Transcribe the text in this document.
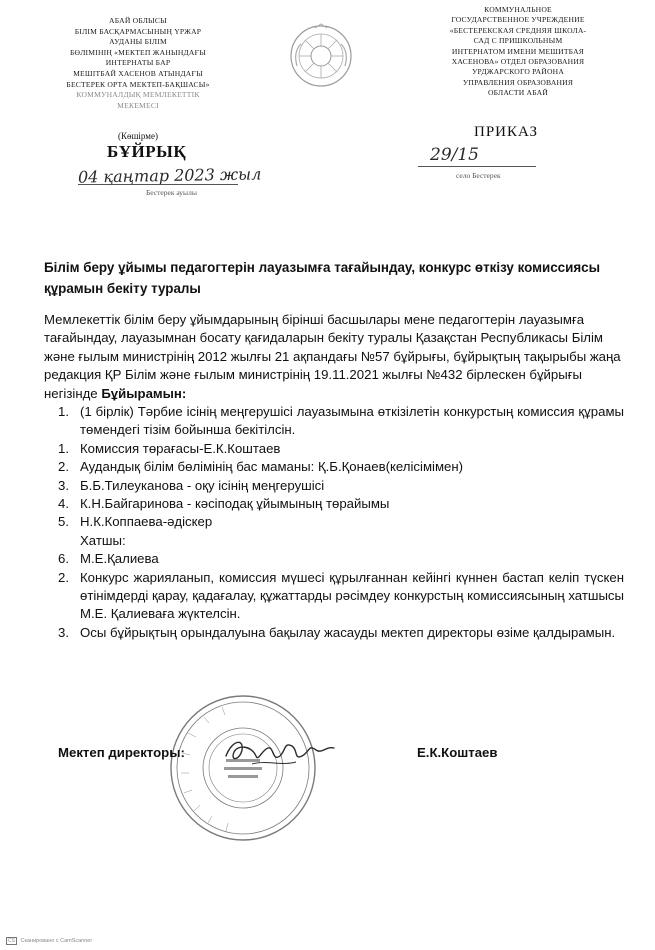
АБАЙ ОБЛЫСЫ
БІЛІМ БАСҚАРМАСЫНЫҢ ҮРЖАР
АУДАНЫ БІЛІМ
БӨЛІМІНІҢ «МЕКТЕП ЖАНЫНДАҒЫ
ИНТЕРНАТЫ БАР
МЕШІТБАЙ ХАСЕНОВ АТЫНДАҒЫ
БЕСТЕРЕК ОРТА МЕКТЕП-БАҚШАСЫ»
КОММУНАЛДЫҚ МЕМЛЕКЕТТІК
МЕКЕМЕСІ
КОММУНАЛЬНОЕ
ГОСУДАРСТВЕННОЕ УЧРЕЖДЕНИЕ
«БЕСТЕРЕКСКАЯ СРЕДНЯЯ ШКОЛА-
САД С ПРИШКОЛЬНЫМ
ИНТЕРНАТОМ ИМЕНИ МЕШИТБАЯ
ХАСЕНОВА» ОТДЕЛ ОБРАЗОВАНИЯ
УРДЖАРСКОГО РАЙОНА
УПРАВЛЕНИЯ ОБРАЗОВАНИЯ
ОБЛАСТИ АБАЙ
(Көшірме)
БҰЙРЫҚ
04 қаңтар 2023 жыл
Бестерек ауылы
ПРИКАЗ
29/15
село Бестерек

Білім беру ұйымы педагогтерін лауазымға тағайындау, конкурс өткізу комиссиясы құрамын бекіту туралы

Мемлекеттік білім беру ұйымдарының бірінші басшылары мене педагогтерін лауазымға тағайындау, лауазымнан босату қағидаларын бекіту туралы Қазақстан Республикасы Білім және ғылым министрінің 2012 жылғы 21 ақпандағы №57 бұйрығы, бұйрықтың тақырыбы жаңа редакция ҚР Білім және ғылым министрінің 19.11.2021 жылғы №432 бірлескен бұйрығы негізінде Бұйырамын:

1. (1 бірлік) Тәрбие ісінің меңгерушісі лауазымына өткізілетін конкурстың комиссия құрамы төмендегі тізім бойынша бекітілсін.
1. Комиссия төрағасы-Е.К.Коштаев
2. Аудандық білім бөлімінің бас маманы: Қ.Б.Қонаев(келісімімен)
3. Б.Б.Тилеуканова - оқу ісінің меңгерушісі
4. К.Н.Байгаринова - кәсіподақ ұйымының төрайымы
5. Н.К.Коппаева-әдіскер
Хатшы:
6. М.Е.Қалиева
2. Конкурс жарияланып, комиссия мүшесі құрылғаннан кейінгі күннен бастап келіп түскен өтінімдерді қарау, қадағалау, құжаттарды рәсімдеу конкурстың комиссиясының хатшысы М.Е. Қалиеваға жүктелсін.
3. Осы бұйрықтың орындалуына бақылау жасауды мектеп директоры өзіме қалдырамын.
Мектеп директоры:	Е.К.Коштаев
CS Сканировано с CamScanner
